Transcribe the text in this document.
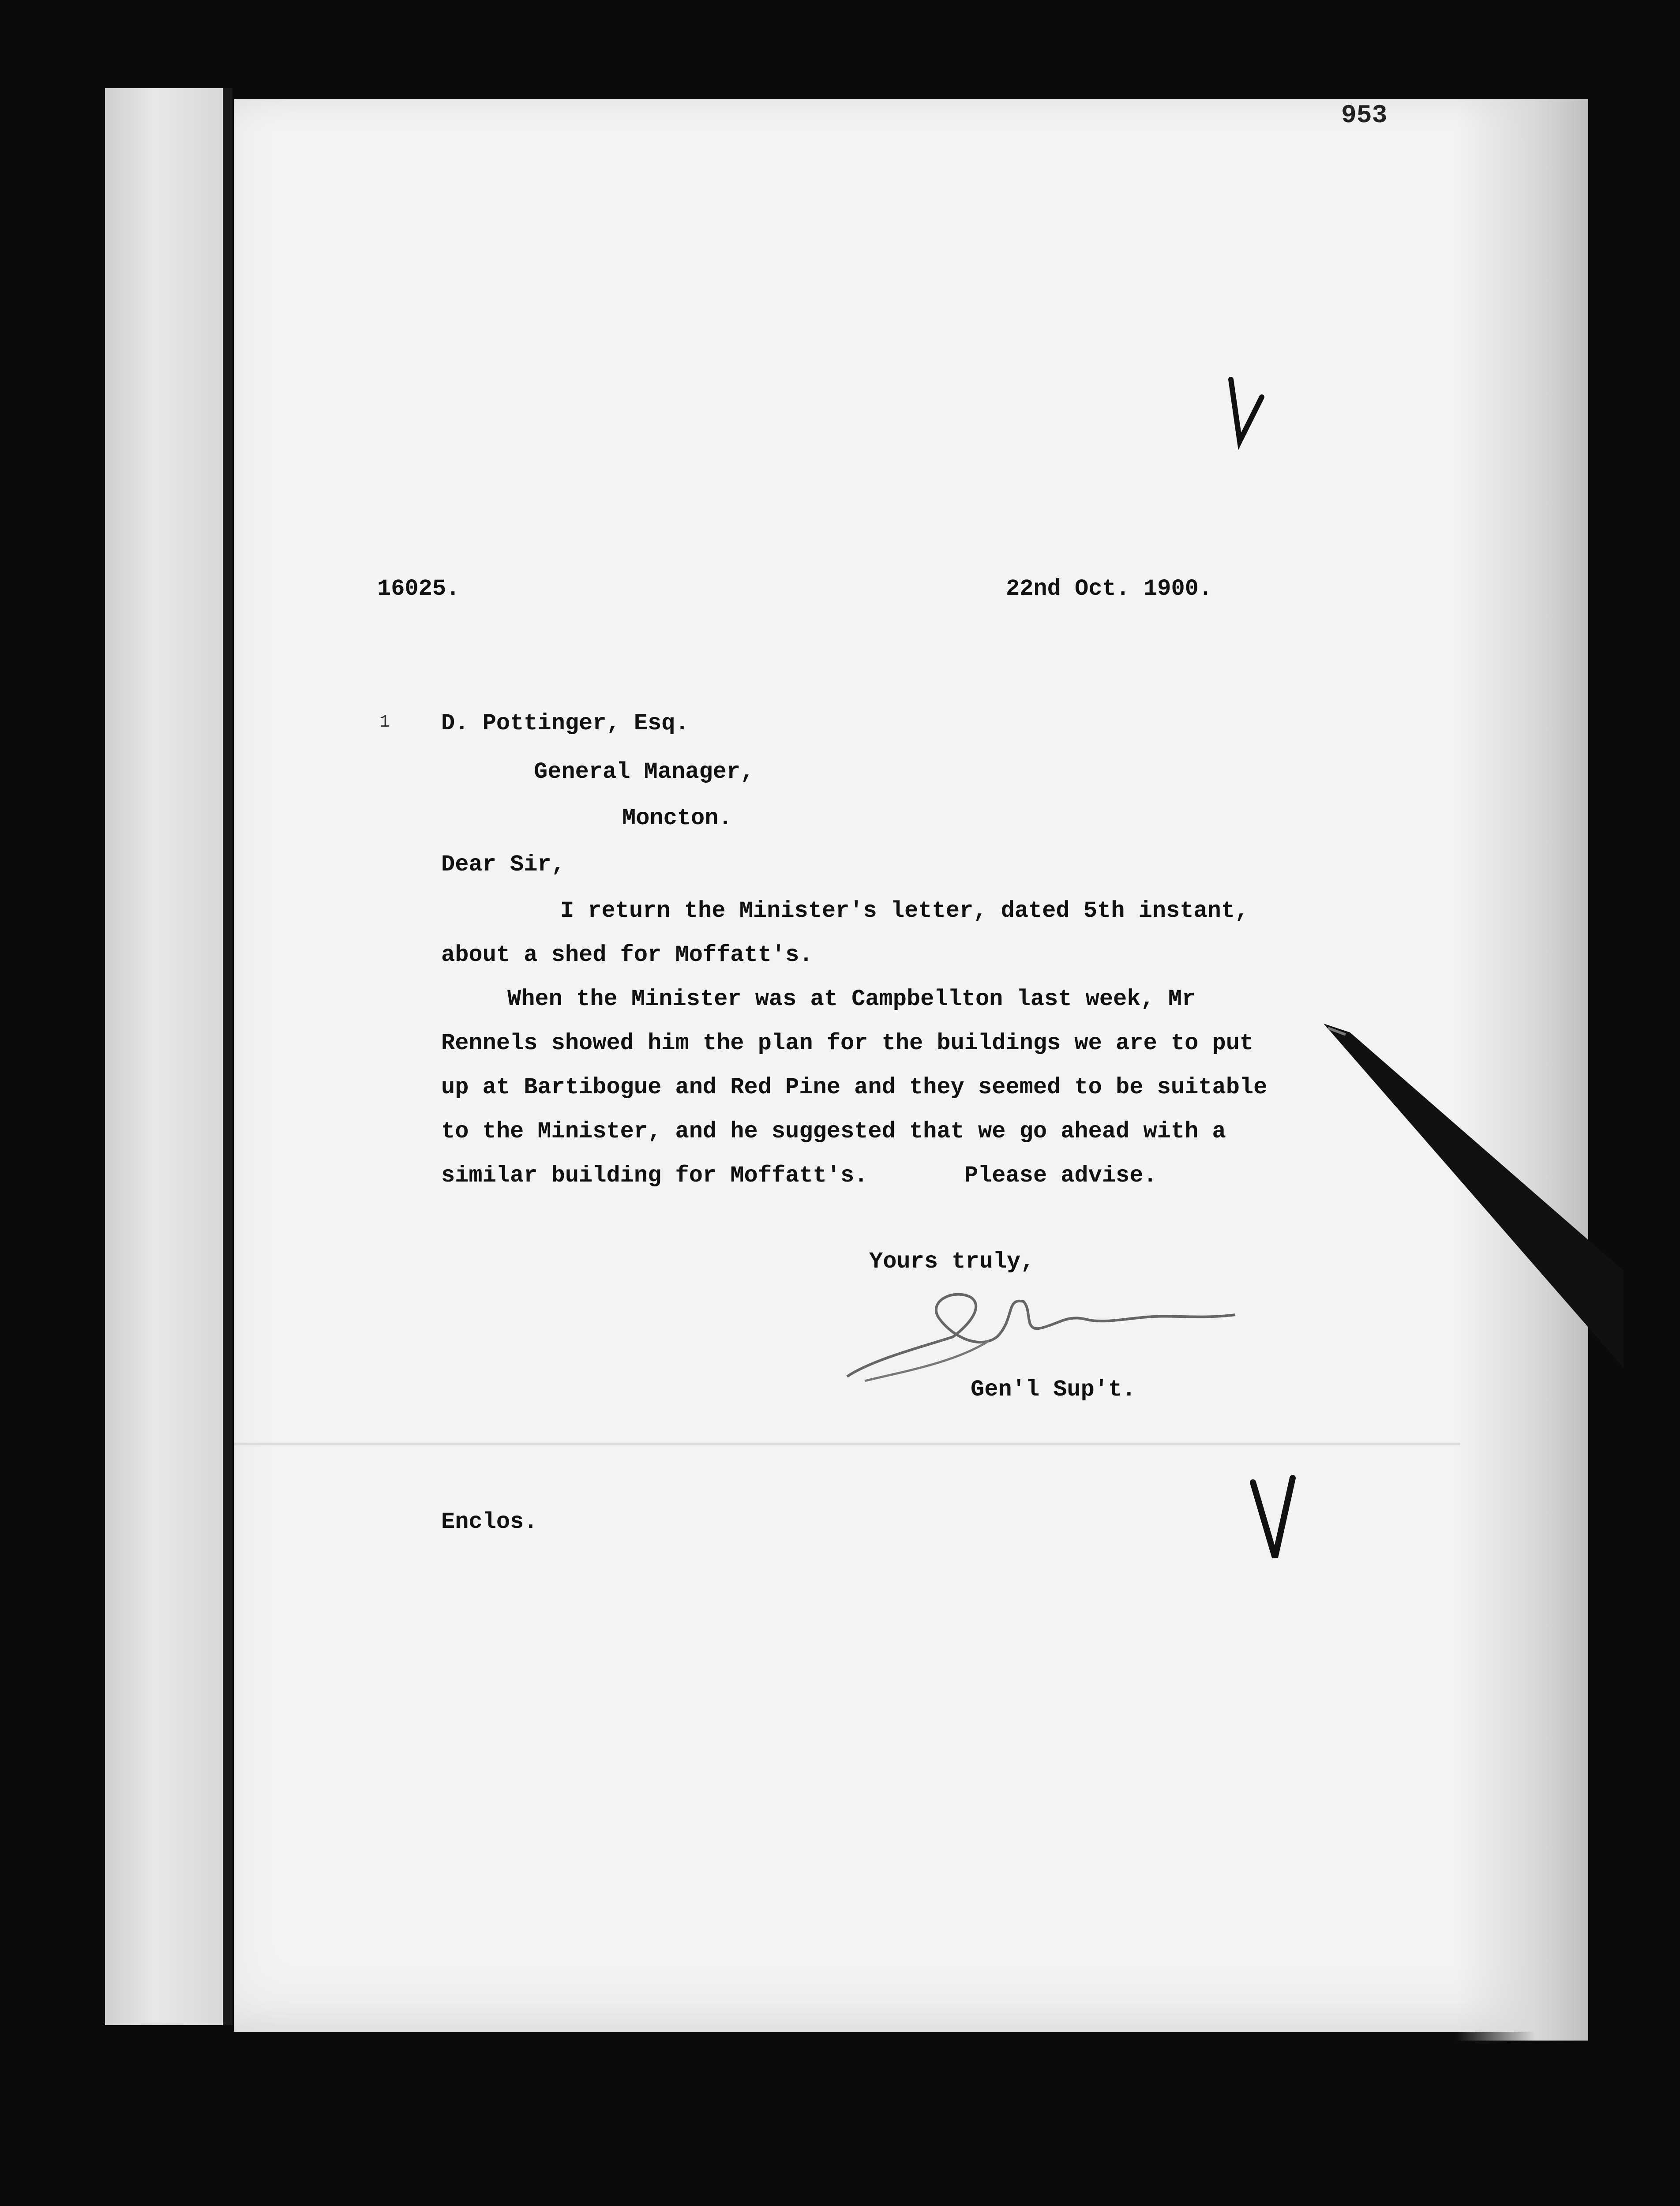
953
16025.	22nd Oct. 1900.
1 D. Pottinger, Esq.
General Manager,
Moncton.
Dear Sir,
I return the Minister's letter, dated 5th instant,
about a shed for Moffatt's.
When the Minister was at Campbellton last week, Mr
Rennels showed him the plan for the buildings we are to put
up at Bartibogue and Red Pine and they seemed to be suitable
to the Minister, and he suggested that we go ahead with a
similar building for Moffatt's.       Please advise.
Yours truly,
Gen'l Sup't.
Enclos.
